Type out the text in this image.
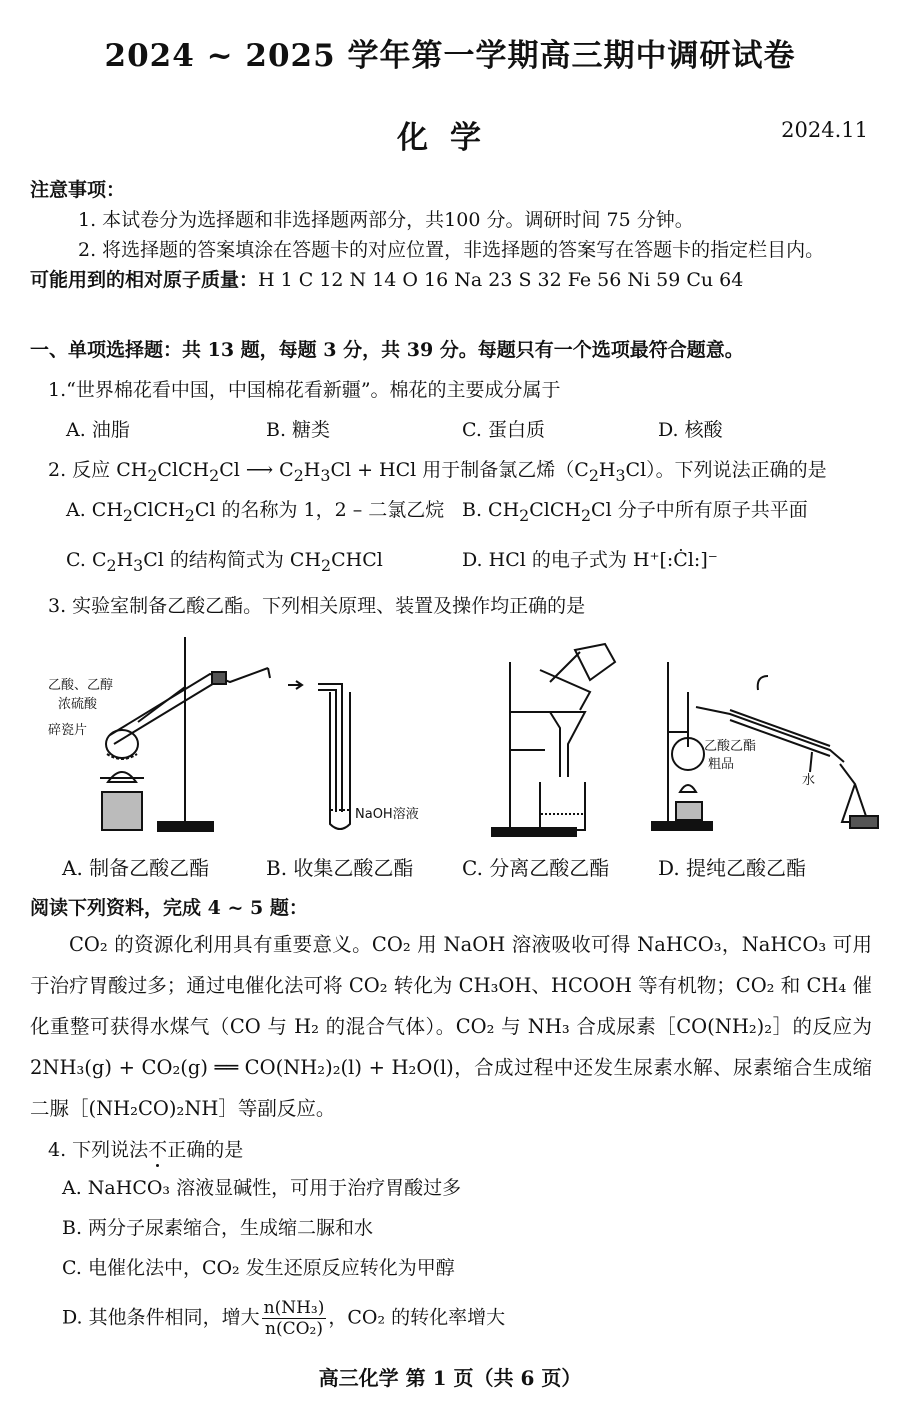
2024 ~ 2025 学年第一学期高三期中调研试卷
化学	2024.11
注意事项：
1. 本试卷分为选择题和非选择题两部分，共100 分。调研时间 75 分钟。
2. 将选择题的答案填涂在答题卡的对应位置，非选择题的答案写在答题卡的指定栏目内。
可能用到的相对原子质量：H 1 C 12 N 14 O 16 Na 23 S 32 Fe 56 Ni 59 Cu 64
一、单项选择题：共 13 题，每题 3 分，共 39 分。每题只有一个选项最符合题意。
1.“世界棉花看中国，中国棉花看新疆”。棉花的主要成分属于
A. 油脂	B. 糖类	C. 蛋白质	D. 核酸
2. 反应 $CH_2ClCH_2Cl$ ⟶ $C_2H_3Cl$ + HCl 用于制备氯乙烯$(C_2H_3Cl)$。下列说法正确的是
A. $CH_2ClCH_2Cl$ 的名称为 1，2 – 二氯乙烷 B. $CH_2ClCH_2Cl$ 分子中所有原子共平面
C. $C_2H_3Cl$ 的结构简式为 $CH_2CHCl$	D. HCl 的电子式为 H⁺[:Ċl:]⁻
3. 实验室制备乙酸乙酯。下列相关原理、装置及操作均正确的是
乙酸、乙醇
浓硫酸
碎瓷片
NaOH溶液
乙酸乙酯
粗品
水
A. 制备乙酸乙酯	B. 收集乙酸乙酯 C. 分离乙酸乙酯 D. 提纯乙酸乙酯
阅读下列资料，完成 4 ~ 5 题：
CO₂ 的资源化利用具有重要意义。CO₂ 用 NaOH 溶液吸收可得 NaHCO₃，NaHCO₃ 可用于治疗胃酸过多；通过电催化法可将 CO₂ 转化为 CH₃OH、HCOOH 等有机物；CO₂ 和 CH₄ 催化重整可获得水煤气（CO 与 H₂ 的混合气体）。CO₂ 与 NH₃ 合成尿素［CO(NH₂)₂］的反应为 2NH₃(g) + CO₂(g) ══ CO(NH₂)₂(l) + H₂O(l)，合成过程中还发生尿素水解、尿素缩合生成缩二脲［(NH₂CO)₂NH］等副反应。
4. 下列说法不正确的是
A. NaHCO₃ 溶液显碱性，可用于治疗胃酸过多
B. 两分子尿素缩合，生成缩二脲和水
C. 电催化法中，CO₂ 发生还原反应转化为甲醇
D. 其他条件相同，增大 $\frac{\text{n(NH₃)}}{\text{n(CO₂)}}$ ，CO₂ 的转化率增大
高三化学 第 1 页（共 6 页）
